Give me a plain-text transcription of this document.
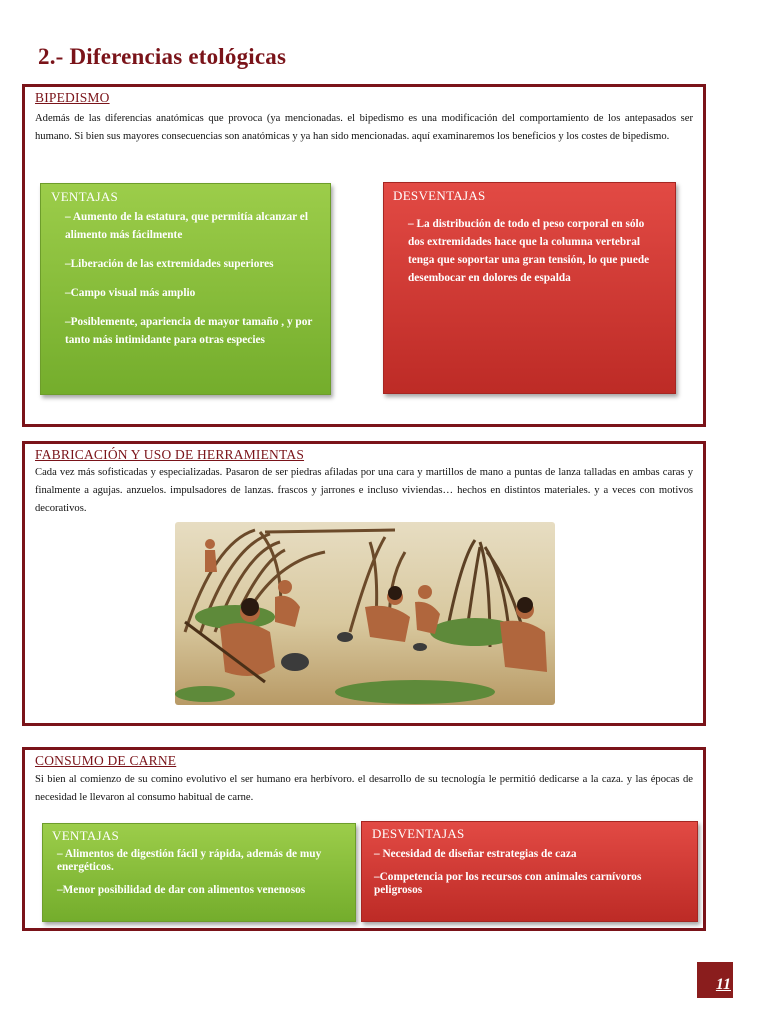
2.- Diferencias etológicas
BIPEDISMO
Además de las diferencias anatómicas que provoca (ya mencionadas. el bipedismo es una modificación del comportamiento de los antepasados ser humano. Si bien sus mayores consecuencias son anatómicas y ya han sido mencionadas. aquí examinaremos los beneficios y los costes de bipedismo.
VENTAJAS
– Aumento de la estatura, que permitía alcanzar el alimento más fácilmente
–Liberación de las extremidades superiores
–Campo visual más amplio
–Posiblemente, apariencia de mayor tamaño , y por tanto más intimidante para otras especies
DESVENTAJAS
– La distribución de todo el peso corporal en sólo dos extremidades hace que la columna vertebral tenga que soportar una gran tensión, lo que puede desembocar en dolores de espalda
FABRICACIÓN Y USO DE HERRAMIENTAS
Cada vez más sofisticadas y especializadas. Pasaron de ser piedras afiladas por una cara y martillos de mano a puntas de lanza talladas en ambas caras y finalmente a agujas. anzuelos. impulsadores de lanzas. frascos y jarrones e incluso viviendas… hechos en distintos materiales. y a veces con motivos decorativos.
CONSUMO DE CARNE
Si bien al comienzo de su comino evolutivo el ser humano era herbívoro. el desarrollo de su tecnología le permitió dedicarse a la caza. y las épocas de necesidad le llevaron al consumo habitual de carne.
VENTAJAS
– Alimentos de digestión fácil y rápida, además de muy energéticos.
–Menor posibilidad de dar con alimentos venenosos
DESVENTAJAS
– Necesidad de diseñar estrategias de caza
–Competencia por los recursos con animales carnívoros peligrosos
11
